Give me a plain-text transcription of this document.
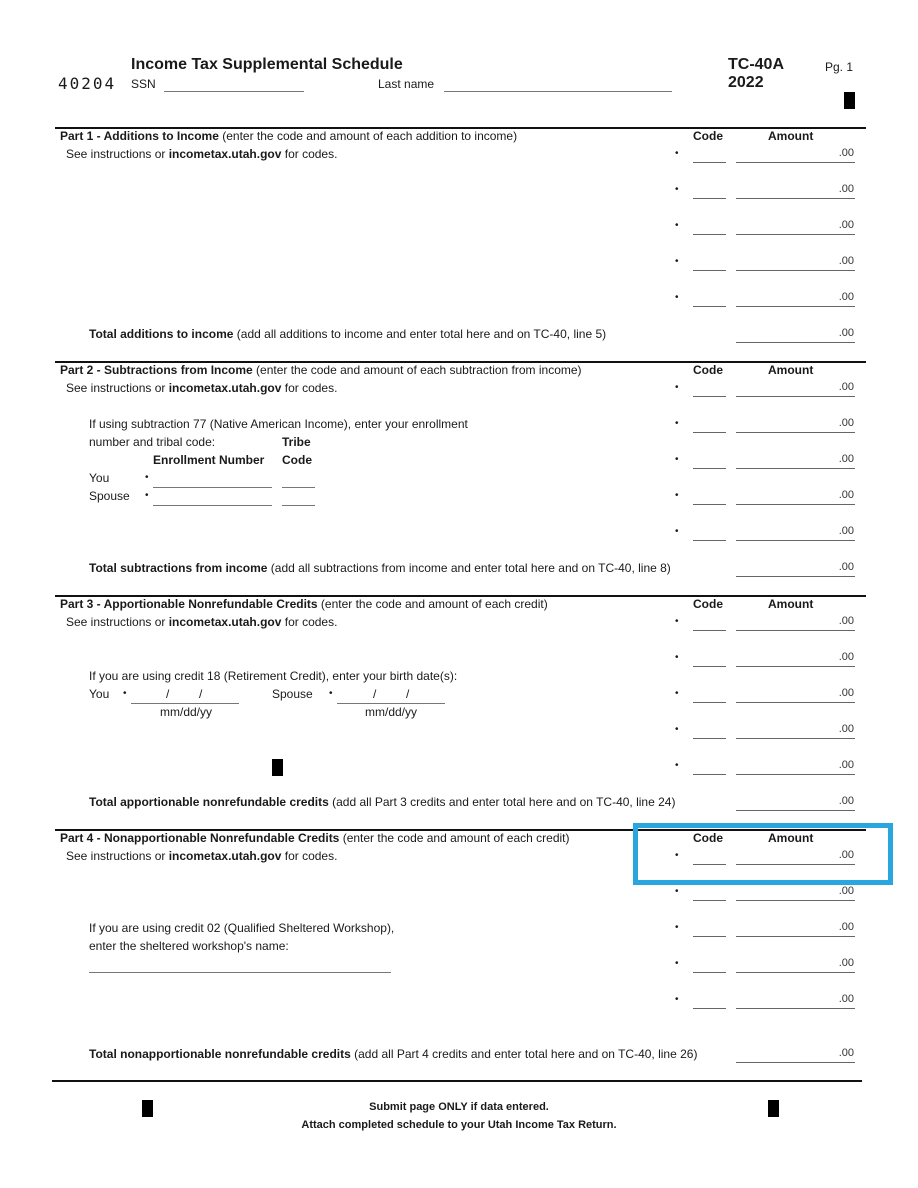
40204
Income Tax Supplemental Schedule
SSN	Last name
TC-40A
2022
Pg. 1
Part 1 - Additions to Income (enter the code and amount of each addition to income)
See instructions or incometax.utah.gov for codes.
Code	Amount
•	.00
•	.00
•	.00
•	.00
•	.00
Total additions to income (add all additions to income and enter total here and on TC-40, line 5)	.00
Part 2 - Subtractions from Income (enter the code and amount of each subtraction from income)
See instructions or incometax.utah.gov for codes.
Code	Amount
If using subtraction 77 (Native American Income), enter your enrollment
number and tribal code:	Tribe
Enrollment Number Code
You	•
Spouse •
•	.00
•	.00
•	.00
•	.00
•	.00
Total subtractions from income (add all subtractions from income and enter total here and on TC-40, line 8)	.00
Part 3 - Apportionable Nonrefundable Credits (enter the code and amount of each credit)
See instructions or incometax.utah.gov for codes.
Code	Amount
If you are using credit 18 (Retirement Credit), enter your birth date(s):
You •	/ /
mm/dd/yy
Spouse •	/ /
mm/dd/yy
•	.00
•	.00
•	.00
•	.00
•	.00
Total apportionable nonrefundable credits (add all Part 3 credits and enter total here and on TC-40, line 24)	.00
Part 4 - Nonapportionable Nonrefundable Credits (enter the code and amount of each credit)
See instructions or incometax.utah.gov for codes.
Code	Amount
If you are using credit 02 (Qualified Sheltered Workshop),
enter the sheltered workshop's name:
•	.00
•	.00
•	.00
•	.00
•	.00
Total nonapportionable nonrefundable credits (add all Part 4 credits and enter total here and on TC-40, line 26)	.00
Submit page ONLY if data entered.
Attach completed schedule to your Utah Income Tax Return.
